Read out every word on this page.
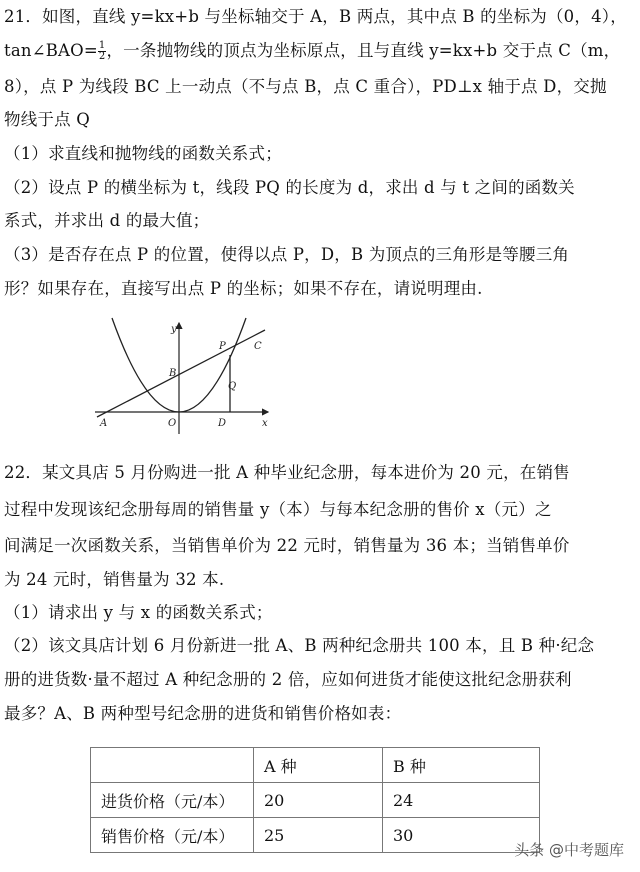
21．如图，直线 y=kx+b 与坐标轴交于 A，B 两点，其中点 B 的坐标为（0，4），
tan∠BAO= $\frac{1}{2}$ ，一条抛物线的顶点为坐标原点，且与直线 y=kx+b 交于点 C（m，
8），点 P 为线段 BC 上一动点（不与点 B，点 C 重合），PD⊥x 轴于点 D，交抛
物线于点 Q
（1）求直线和抛物线的函数关系式；
（2）设点 P 的横坐标为 t，线段 PQ 的长度为 d，求出 d 与 t 之间的函数关
系式，并求出 d 的最大值；
（3）是否存在点 P 的位置，使得以点 P，D，B 为顶点的三角形是等腰三角
形？如果存在，直接写出点 P 的坐标；如果不存在，请说明理由.
y
x
A
B
O	D
P
Q
C
22．某文具店 5 月份购进一批 A 种毕业纪念册，每本进价为 20 元，在销售
过程中发现该纪念册每周的销售量 y（本）与每本纪念册的售价 x（元）之
间满足一次函数关系，当销售单价为 22 元时，销售量为 36 本；当销售单价
为 24 元时，销售量为 32 本.
（1）请求出 y 与 x 的函数关系式；
（2）该文具店计划 6 月份新进一批 A、B 两种纪念册共 100 本，且 B 种·纪念
册的进货数·量不超过 A 种纪念册的 2 倍，应如何进货才能使这批纪念册获利
最多？A、B 两种型号纪念册的进货和销售价格如表：
	A 种	B 种
进货价格（元/本）	20	24
销售价格（元/本）	25	30
头条 @中考题库
